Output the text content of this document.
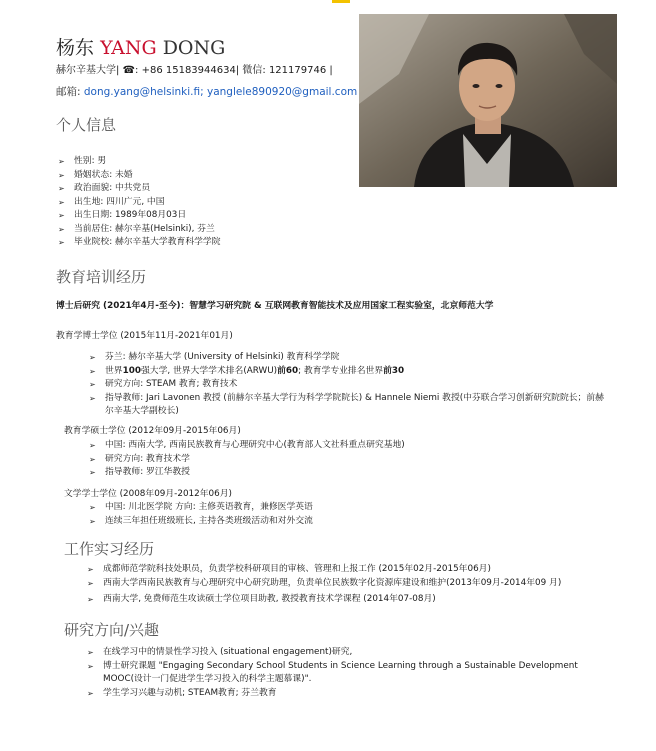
杨东 YANG DONG
赫尔辛基大学| ☎: +86 15183944634| 微信: 121179746 |
邮箱: dong.yang@helsinki.fi; yanglele890920@gmail.com
个人信息
➢ 性别: 男
➢ 婚姻状态: 未婚
➢ 政治面貌: 中共党员
➢ 出生地: 四川广元, 中国
➢ 出生日期: 1989年08月03日
➢ 当前居住: 赫尔辛基(Helsinki), 芬兰
➢ 毕业院校: 赫尔辛基大学教育科学学院
教育培训经历
博士后研究 (2021年4月-至今)：智慧学习研究院 & 互联网教育智能技术及应用国家工程实验室，北京师范大学
教育学博士学位 (2015年11月-2021年01月)
➢ 芬兰: 赫尔辛基大学 (University of Helsinki) 教育科学学院
➢ 世界100强大学, 世界大学学术排名(ARWU)前60; 教育学专业排名世界前30
➢ 研究方向: STEAM 教育; 教育技术
➢ 指导教师: Jari Lavonen 教授 (前赫尔辛基大学行为科学学院院长) & Hannele Niemi 教授(中芬联合学习创新研究院院长；前赫尔辛基大学副校长)
教育学硕士学位 (2012年09月-2015年06月)
➢ 中国: 西南大学, 西南民族教育与心理研究中心(教育部人文社科重点研究基地)
➢ 研究方向: 教育技术学
➢ 指导教师: 罗江华教授
文学学士学位 (2008年09月-2012年06月)
➢ 中国: 川北医学院 方向: 主修英语教育，兼修医学英语
➢ 连续三年担任班级班长, 主持各类班级活动和对外交流
工作实习经历
➢ 成都师范学院科技处职员，负责学校科研项目的审核、管理和上报工作 (2015年02月-2015年06月)
➢ 西南大学西南民族教育与心理研究中心研究助理，负责单位民族数字化资源库建设和维护(2013年09月-2014年09 月)
➢ 西南大学, 免费师范生攻读硕士学位项目助教, 教授教育技术学课程 (2014年07-08月)
研究方向/兴趣
➢ 在线学习中的情景性学习投入 (situational engagement)研究,
➢ 博士研究课题 "Engaging Secondary School Students in Science Learning through a Sustainable Development MOOC(设计一门促进学生学习投入的科学主题慕课)".
➢ 学生学习兴趣与动机; STEAM教育; 芬兰教育
